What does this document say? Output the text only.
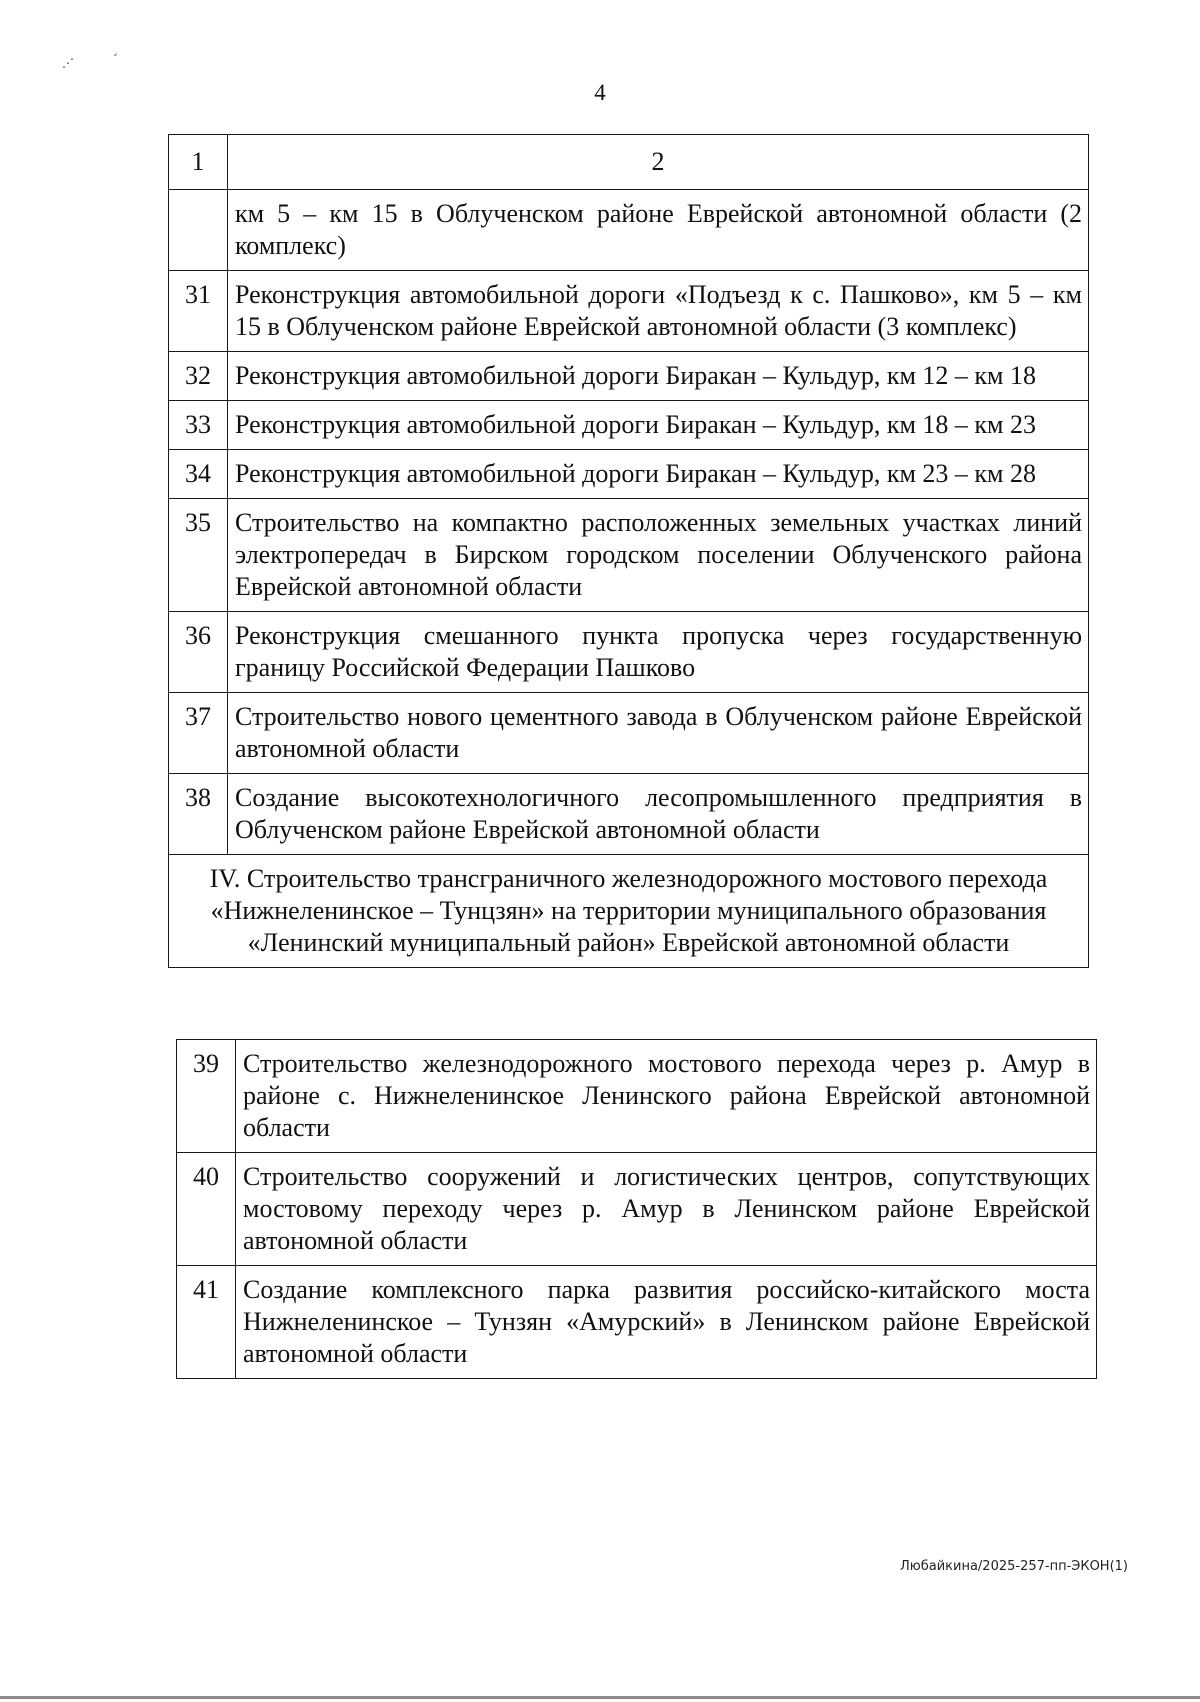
4
⋰
ˏ
1	2
	км 5 – км 15 в Облученском районе Еврейской автономной области (2 комплекс)
31	Реконструкция автомобильной дороги «Подъезд к с. Пашково», км 5 – км 15 в Облученском районе Еврейской автономной области (3 комплекс)
32	Реконструкция автомобильной дороги Биракан – Кульдур, км 12 – км 18
33	Реконструкция автомобильной дороги Биракан – Кульдур, км 18 – км 23
34	Реконструкция автомобильной дороги Биракан – Кульдур, км 23 – км 28
35	Строительство на компактно расположенных земельных участках линий электропередач в Бирском городском поселении Облученского района Еврейской автономной области
36	Реконструкция смешанного пункта пропуска через государственную границу Российской Федерации Пашково
37	Строительство нового цементного завода в Облученском районе Еврейской автономной области
38	Создание высокотехнологичного лесопромышленного предприятия в Облученском районе Еврейской автономной области
IV. Строительство трансграничного железнодорожного мостового перехода «Нижнеленинское – Тунцзян» на территории муниципального образования «Ленинский муниципальный район» Еврейской автономной области	
39	Строительство железнодорожного мостового перехода через р. Амур в районе с. Нижнеленинское Ленинского района Еврейской автономной области
40	Строительство сооружений и логистических центров, сопутствующих мостовому переходу через р. Амур в Ленинском районе Еврейской автономной области
41	Создание комплексного парка развития российско-китайского моста Нижнеленинское – Тунзян «Амурский» в Ленинском районе Еврейской автономной области
Любайкина/2025-257-пп-ЭКОН(1)
